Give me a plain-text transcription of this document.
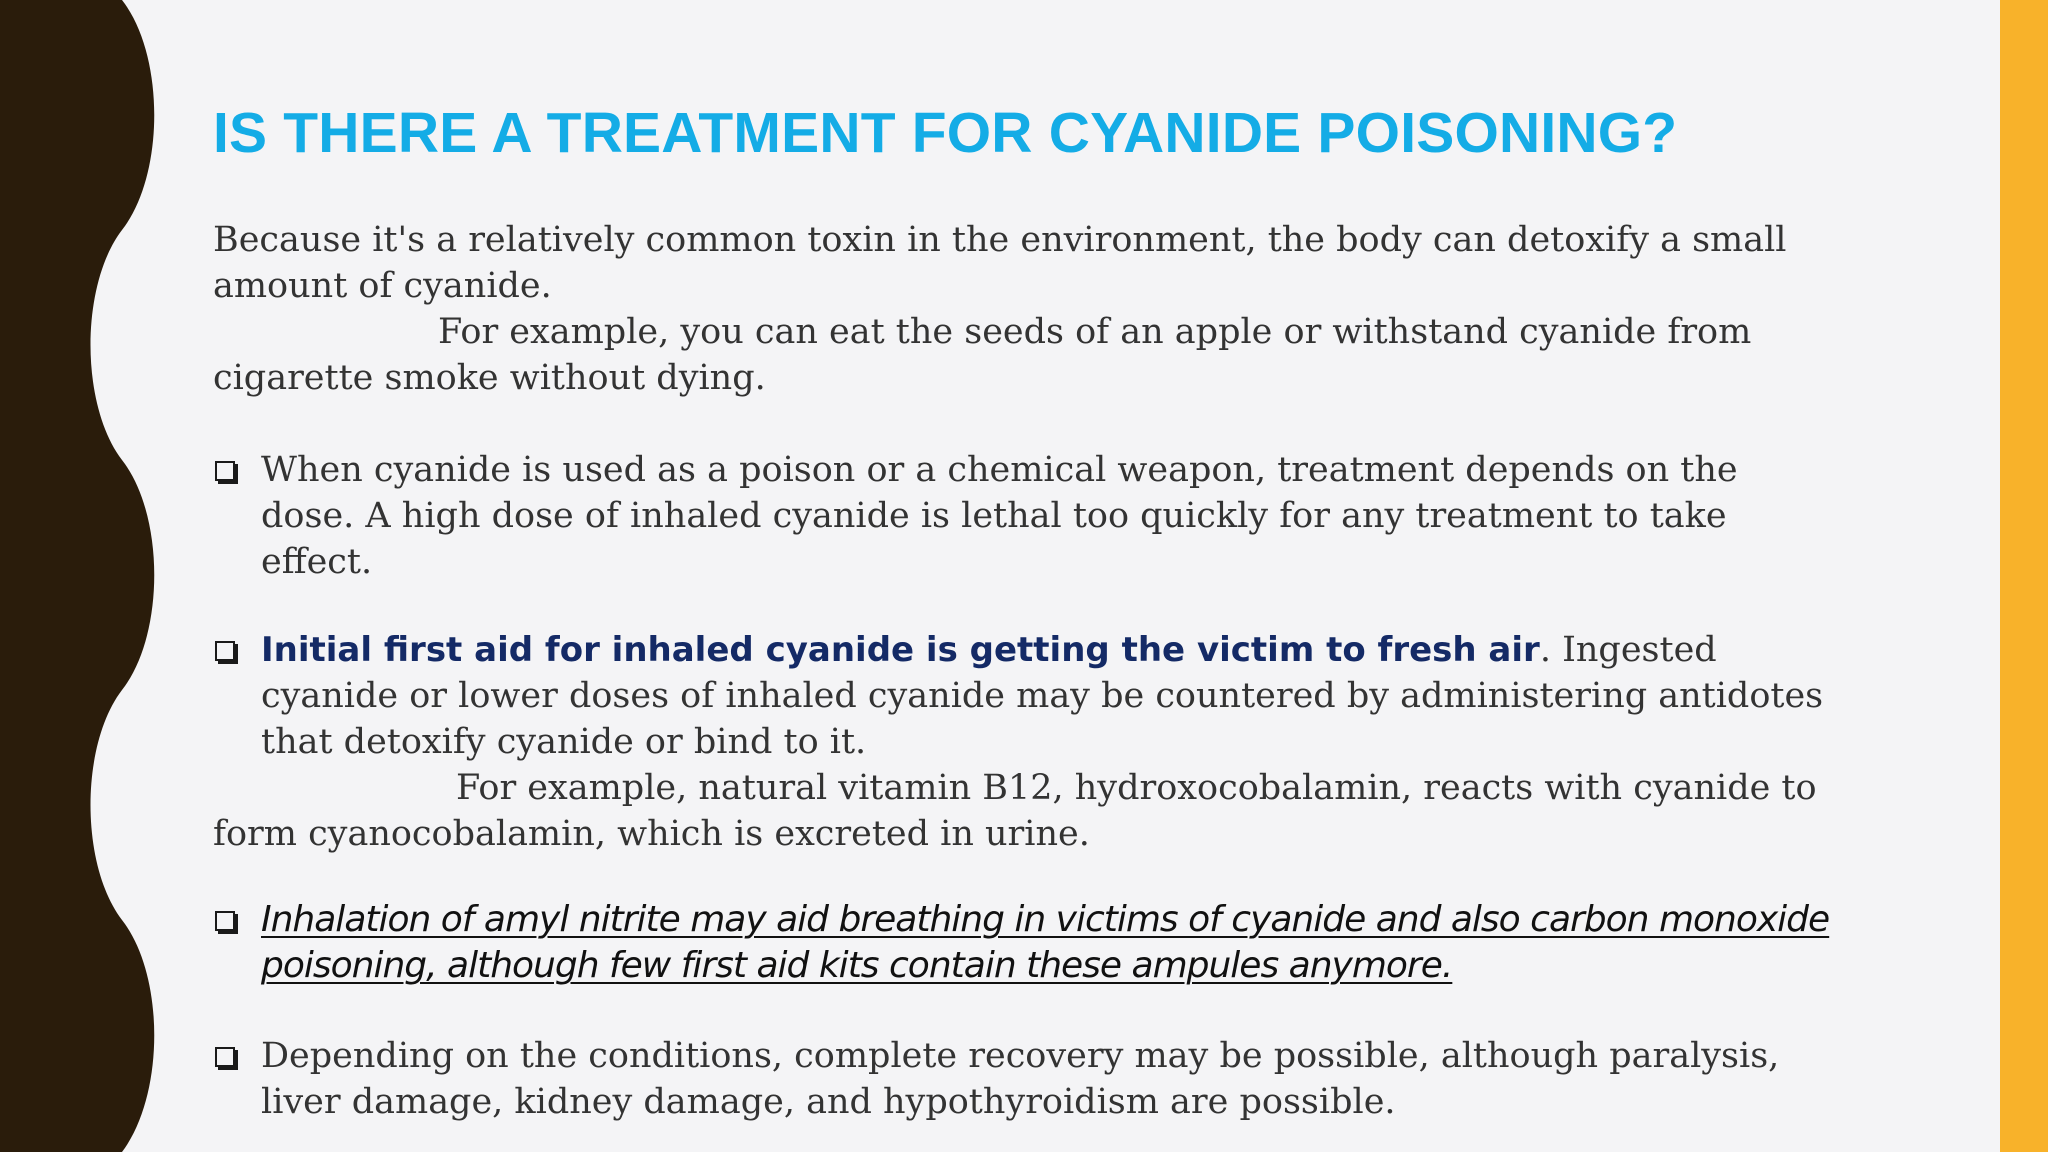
IS THERE A TREATMENT FOR CYANIDE POISONING?

Because it's a relatively common toxin in the environment, the body can detoxify a small amount of cyanide.

For example, you can eat the seeds of an apple or withstand cyanide from cigarette smoke without dying.

When cyanide is used as a poison or a chemical weapon, treatment depends on the dose. A high dose of inhaled cyanide is lethal too quickly for any treatment to take effect.

Initial first aid for inhaled cyanide is getting the victim to fresh air. Ingested cyanide or lower doses of inhaled cyanide may be countered by administering antidotes that detoxify cyanide or bind to it.

For example, natural vitamin B12, hydroxocobalamin, reacts with cyanide to form cyanocobalamin, which is excreted in urine.

Inhalation of amyl nitrite may aid breathing in victims of cyanide and also carbon monoxide poisoning, although few first aid kits contain these ampules anymore.

Depending on the conditions, complete recovery may be possible, although paralysis, liver damage, kidney damage, and hypothyroidism are possible.
